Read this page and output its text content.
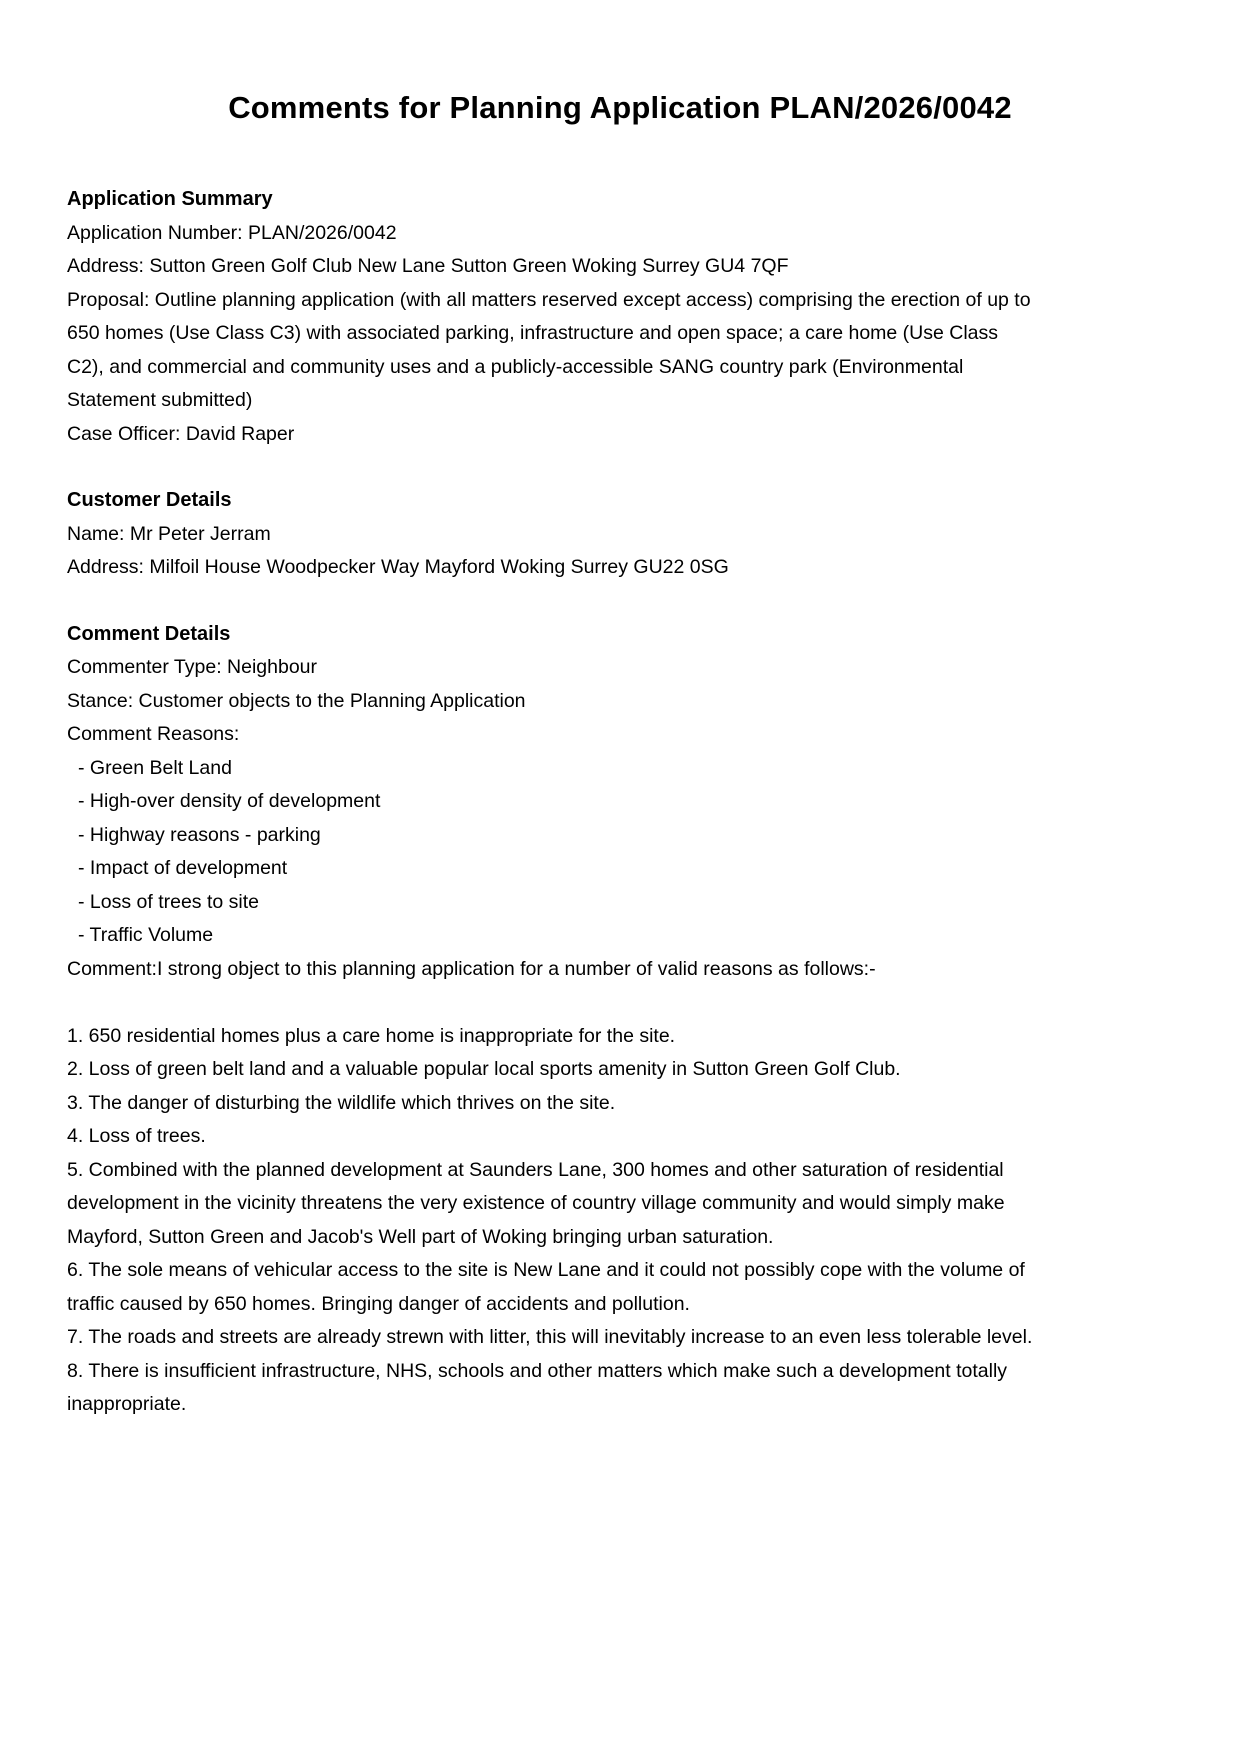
Comments for Planning Application PLAN/2026/0042

Application Summary

Application Number: PLAN/2026/0042

Address: Sutton Green Golf Club New Lane Sutton Green Woking Surrey GU4 7QF

Proposal: Outline planning application (with all matters reserved except access) comprising the erection of up to 650 homes (Use Class C3) with associated parking, infrastructure and open space; a care home (Use Class C2), and commercial and community uses and a publicly-accessible SANG country park (Environmental Statement submitted)

Case Officer: David Raper

Customer Details

Name: Mr Peter Jerram

Address: Milfoil House Woodpecker Way Mayford Woking Surrey GU22 0SG

Comment Details

Commenter Type: Neighbour

Stance: Customer objects to the Planning Application

Comment Reasons:

- Green Belt Land

- High-over density of development

- Highway reasons - parking

- Impact of development

- Loss of trees to site

- Traffic Volume

Comment:I strong object to this planning application for a number of valid reasons as follows:-

1. 650 residential homes plus a care home is inappropriate for the site.

2. Loss of green belt land and a valuable popular local sports amenity in Sutton Green Golf Club.

3. The danger of disturbing the wildlife which thrives on the site.

4. Loss of trees.

5. Combined with the planned development at Saunders Lane, 300 homes and other saturation of residential development in the vicinity threatens the very existence of country village community and would simply make Mayford, Sutton Green and Jacob's Well part of Woking bringing urban saturation.

6. The sole means of vehicular access to the site is New Lane and it could not possibly cope with the volume of traffic caused by 650 homes. Bringing danger of accidents and pollution.

7. The roads and streets are already strewn with litter, this will inevitably increase to an even less tolerable level.

8. There is insufficient infrastructure, NHS, schools and other matters which make such a development totally inappropriate.
